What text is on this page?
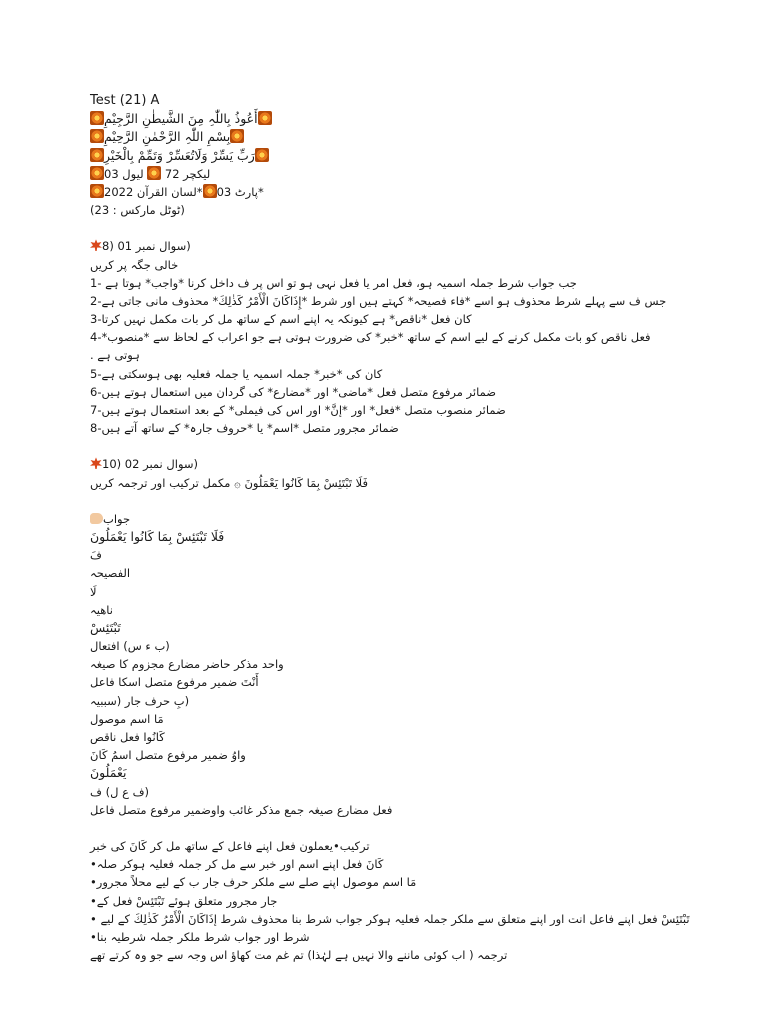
Test (21) A
أَعُوذُ بِاللّٰہِ مِنَ الشَّیطٰنِ الرَّجِیْمِ
بِسْمِ اللّٰہِ الرَّحْمٰنِ الرَّحِیْمِ
رَبِّ یَسِّرْ وَلَاتُعَسِّرْ وَتَمِّمْ بِالْخَیْرِ
لیول 03 لیکچر 72
*لسان القرآن 2022 *پارٹ 03
(ٹوٹل مارکس : 23)
(سوال نمبر 01 (8
خالی جگہ پر کریں
جب جواب شرط جملہ اسمیہ ہو، فعل امر یا فعل نہی ہو تو اس پر ف داخل کرنا *واجب* ہوتا ہے -1
جس ف سے پہلے شرط محذوف ہو اسے *فاء فصیحہ* کہتے ہیں اور شرط *إِذَاكَانَ الْأَمْرُ كَذٰلِكَ* محذوف مانی جاتی ہے-2
کان فعل *ناقص* ہے کیونکہ یہ اپنے اسم کے ساتھ مل کر بات مکمل نہیں کرتا-3
فعل ناقص کو بات مکمل کرنے کے لیے اسم کے ساتھ *خبر* کی ضرورت ہوتی ہے جو اعراب کے لحاظ سے *منصوب*-4
ہوتی ہے .
کان کی *خبر* جملہ اسمیہ یا جملہ فعلیہ بھی ہوسکتی ہے-5
ضمائر مرفوع متصل فعل *ماضی* اور *مضارع* کی گردان میں استعمال ہوتے ہیں-6
ضمائر منصوب متصل *فعل* اور *إنَّ* اور اس کی فیملی* کے بعد استعمال ہوتے ہیں-7
ضمائر مجرور متصل *اسم* یا *حروف جارہ* کے ساتھ آتے ہیں-8
(سوال نمبر 02 (10
فَلَا تَبْتَئِسْ بِمَا كَانُوا يَعْمَلُونَ ۞ مکمل ترکیب اور ترجمہ کریں
جواب
فَلَا تَبْتَئِسْ بِمَا كَانُوا يَعْمَلُونَ
فَ
الفصیحہ
لَا
ناھیہ
تَبْتَئِسْ
(ب ء س) افتعال
واحد مذکر حاضر مضارع مجزوم کا صیغہ
أَنْتَ ضمیر مرفوع متصل اسکا فاعل
(بِ حرف جار (سببیہ
مَا اسم موصول
كَانُوا فعل ناقص
واوُ ضمیر مرفوع متصل اسمُ كَانَ
يَعْمَلُونَ
(ف ع ل) ف
فعل مضارع صیغہ جمع مذکر غائب واوضمیر مرفوع متصل فاعل
ترکیب•یعملون فعل اپنے فاعل کے ساتھ مل کر كَانَ کی خبر
كَانَ فعل اپنے اسم اور خبر سے مل کر جملہ فعلیہ ہوکر صلہ•
مَا اسم موصول اپنے صلے سے ملکر حرف جار ب کے لیے محلاً مجرور•
جار مجرور متعلق ہوئے تَبْتَئِسْ فعل کے•
تَبْتَئِسْ فعل اپنے فاعل انت اور اپنے متعلق سے ملکر جملہ فعلیہ ہوکر جواب شرط بنا محذوف شرط إذَاكَانَ الْأَمْرُ كَذٰلِكَ کے لیے •
شرط اور جواب شرط ملکر جملہ شرطیہ بنا•
ترجمہ ( اب کوئی ماننے والا نہیں ہے لہٰذا) تم غم مت کھاؤ اس وجہ سے جو وہ کرتے تھے
